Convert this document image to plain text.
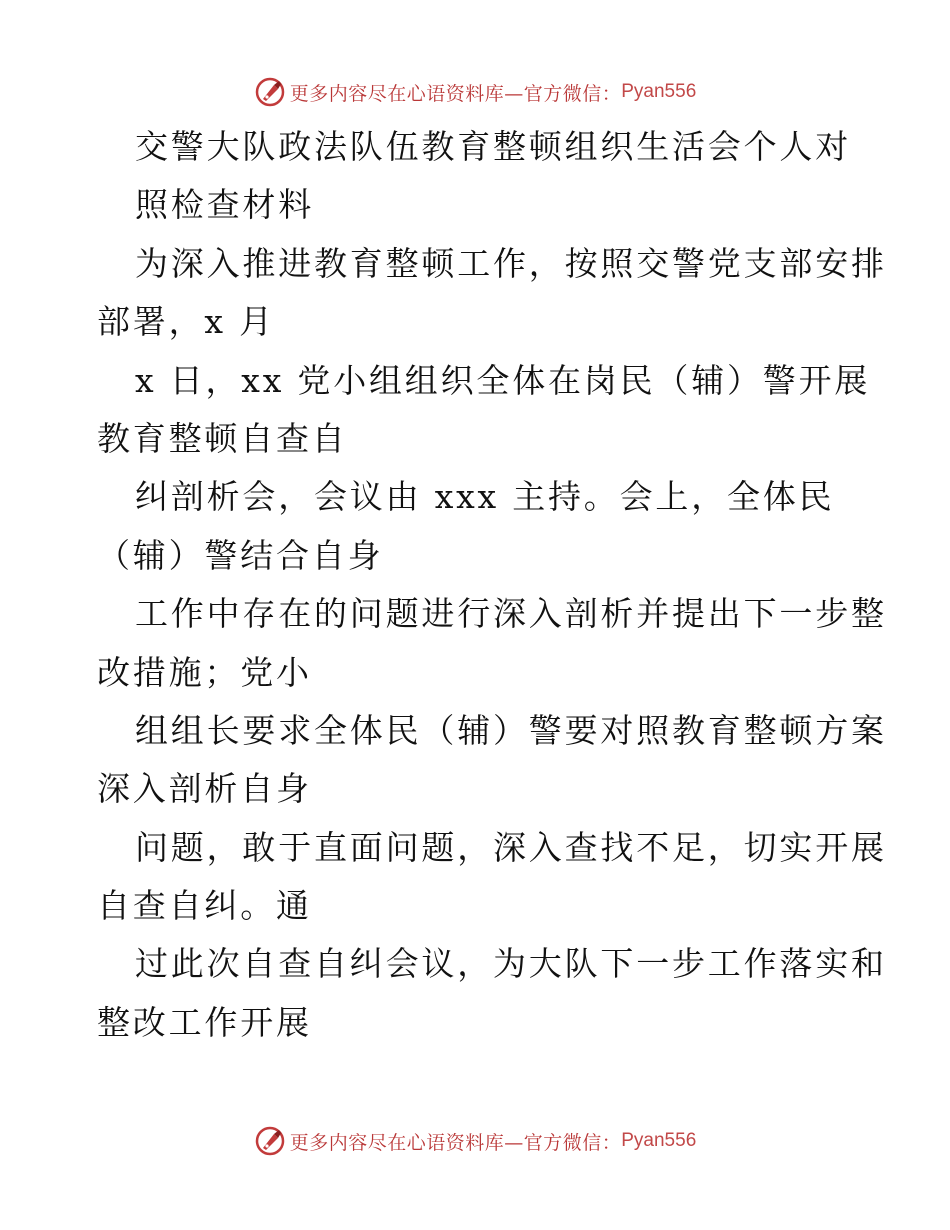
更多内容尽在心语资料库—官方微信： Pyan556
交警大队政法队伍教育整顿组织生活会个人对
照检查材料
为深入推进教育整顿工作，按照交警党支部安排
部署，x 月
x 日，xx 党小组组织全体在岗民（辅）警开展
教育整顿自查自
纠剖析会，会议由 xxx 主持。会上，全体民
（辅）警结合自身
工作中存在的问题进行深入剖析并提出下一步整
改措施；党小
组组长要求全体民（辅）警要对照教育整顿方案
深入剖析自身
问题，敢于直面问题，深入查找不足，切实开展
自查自纠。通
过此次自查自纠会议，为大队下一步工作落实和
整改工作开展
更多内容尽在心语资料库—官方微信： Pyan556
